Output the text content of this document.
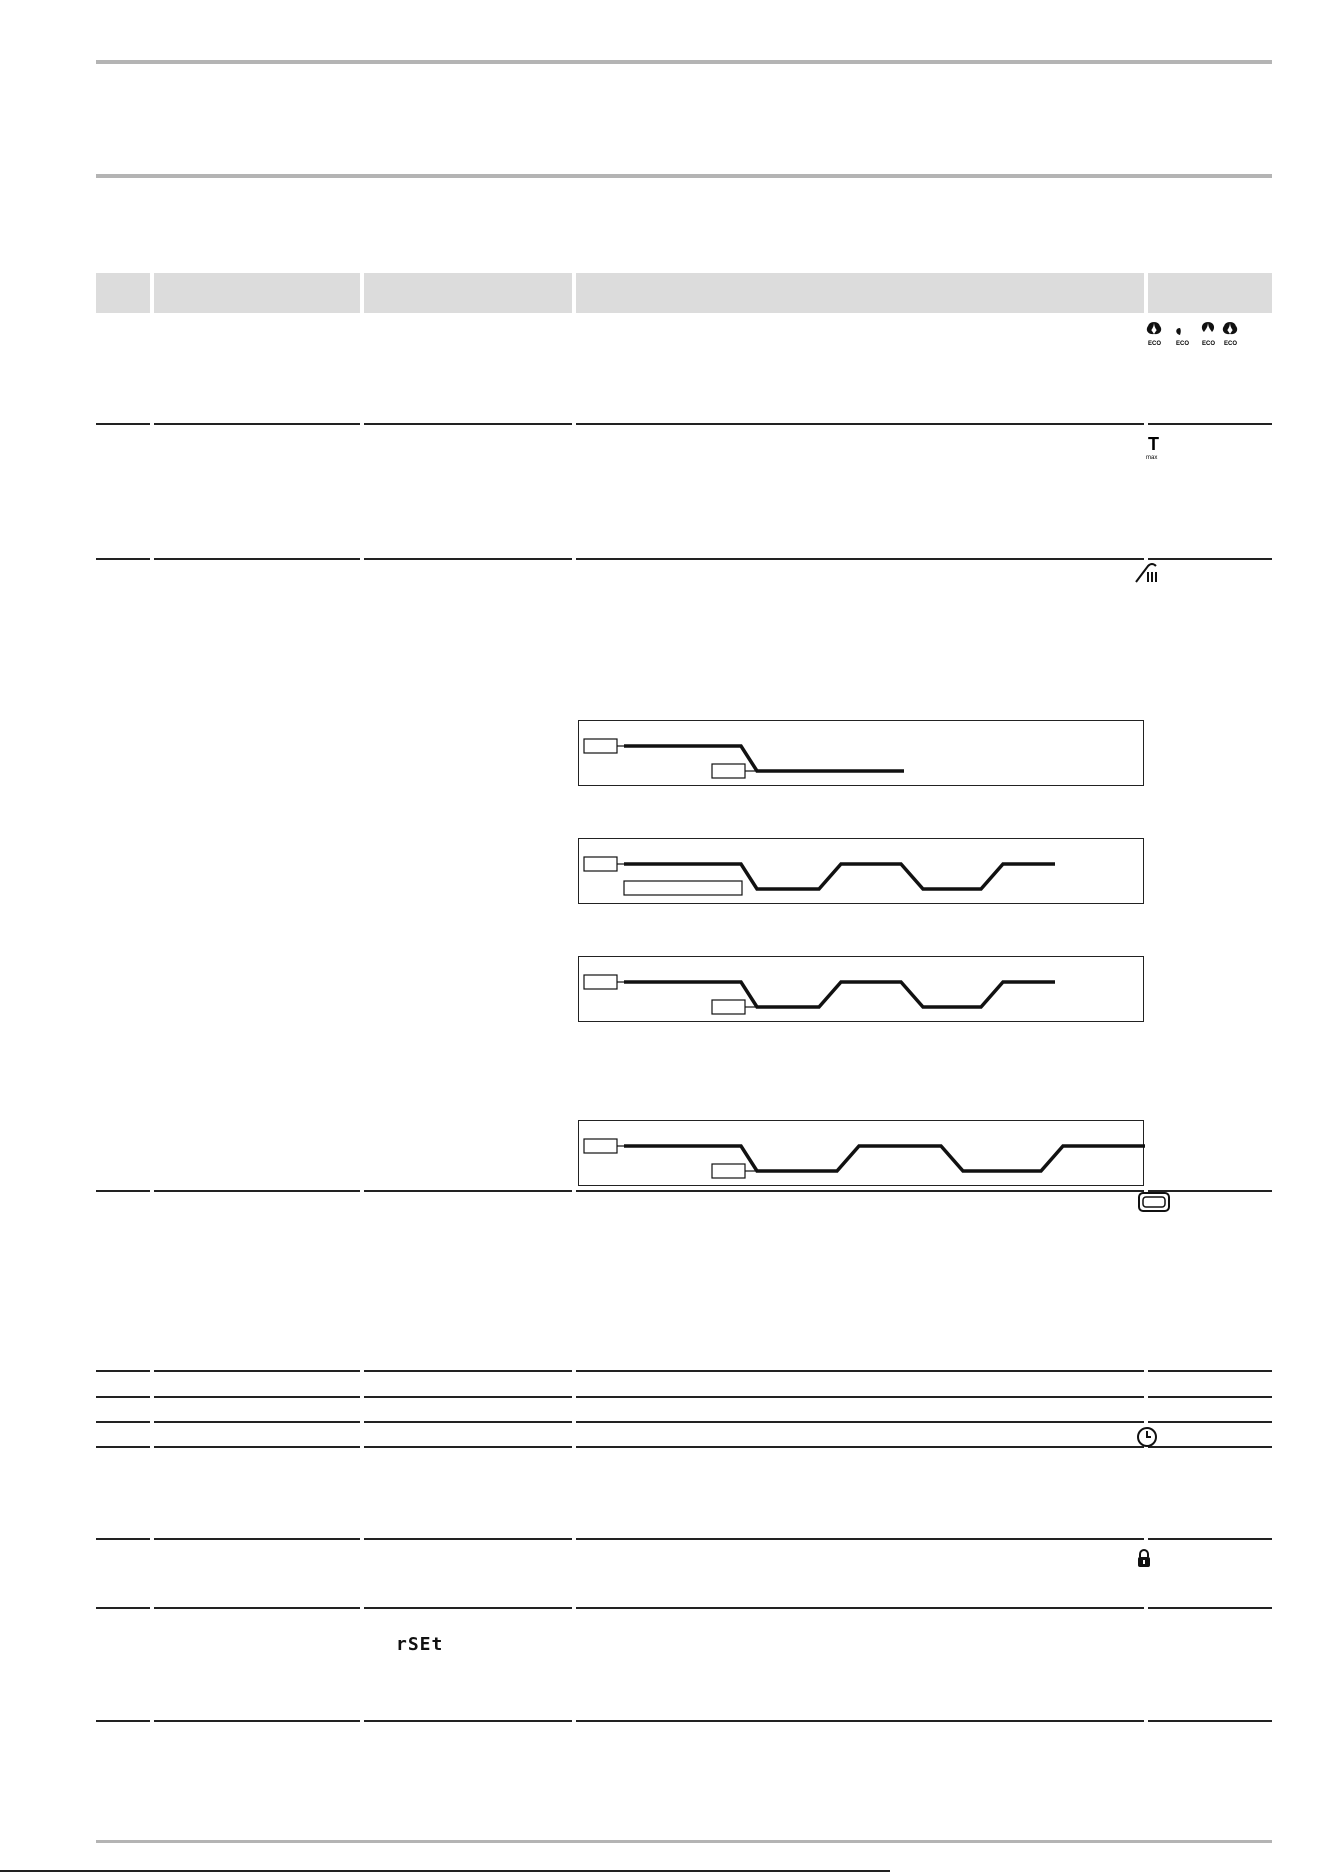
ECO ECO ECO ECO
T
max
rSEt
